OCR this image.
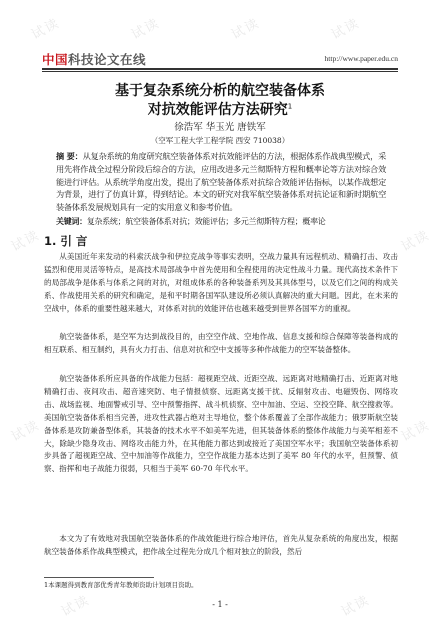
试读	试读	试读	试读
试读	试读
试读	试读
试读	试读
中国科技论文在线	http://www.paper.edu.cn
基于复杂系统分析的航空装备体系
对抗效能评估方法研究$^1$
徐浩军 华玉光 唐铁军
（空军工程大学工程学院 西安 710038）
摘 要：从复杂系统的角度研究航空装备体系对抗效能评估的方法，根据体系作战典型模式，采用先将作战全过程分阶段后综合的方法，应用改进多元兰彻斯特方程和概率论等方法对综合效能进行评估。从系统学角度出发，提出了航空装备体系对抗综合效能评估指标，以某作战想定为背景，进行了仿真计算，得到结论。本文的研究对我军航空装备体系对抗论证和新时期航空装备体系发展规划具有一定的实用意义和参考价值。
关键词：复杂系统；航空装备体系对抗；效能评估；多元兰彻斯特方程；概率论
1. 引 言

从美国近年来发动的科索沃战争和伊拉克战争等事实表明，空战力量具有远程机动、精确打击、攻击猛烈和使用灵活等特点，是高技术局部战争中首先使用和全程使用的决定性战斗力量。现代高技术条件下的局部战争是体系与体系之间的对抗，对组成体系的各种装备系列及其具体型号，以及它们之间的构成关系、作战使用关系的研究和确定，是和平时期各国军队建设所必须认真解决的重大问题。因此，在未来的空战中，体系的重要性越来越大，对体系对抗的效能评估也越来越受到世界各国军方的重视。

航空装备体系，是空军为达到战役目的，由空空作战、空地作战、信息支援和综合保障等装备构成的相互联系、相互制约，具有火力打击、信息对抗和空中支援等多种作战能力的空军装备整体。

航空装备体系所应具备的作战能力包括：超视距空战、近距空战、远距离对地精确打击、近距离对地精确打击、夜间攻击、超音速突防、电子情报侦察、远距离支援干扰、反辐射攻击、电磁毁伤、网络攻击、战场监视、地面警戒引导、空中预警指挥、战斗机侦察、空中加油、空运、空投空降、航空搜救等。美国航空装备体系相当完善，进攻性武器占绝对主导地位，整个体系覆盖了全部作战能力；俄罗斯航空装备体系是攻防兼备型体系，其装备的技术水平不如美军先进，但其装备体系的整体作战能力与美军相差不大，除缺少隐身攻击、网络攻击能力外，在其他能力都达到或接近了美国空军水平；我国航空装备体系初步具备了超视距空战、空中加油等作战能力，空空作战能力基本达到了美军 80 年代的水平，但预警、侦察、指挥和电子战能力很弱，只相当于美军 60-70 年代水平。

本文为了有效地对我国航空装备体系的作战效能进行综合地评估，首先从复杂系统的角度出发，根据航空装备体系作战典型模式，把作战全过程先分成几个相对独立的阶段，然后

1本课题得到教育部优秀青年教师资助计划项目资助。
- 1 -
